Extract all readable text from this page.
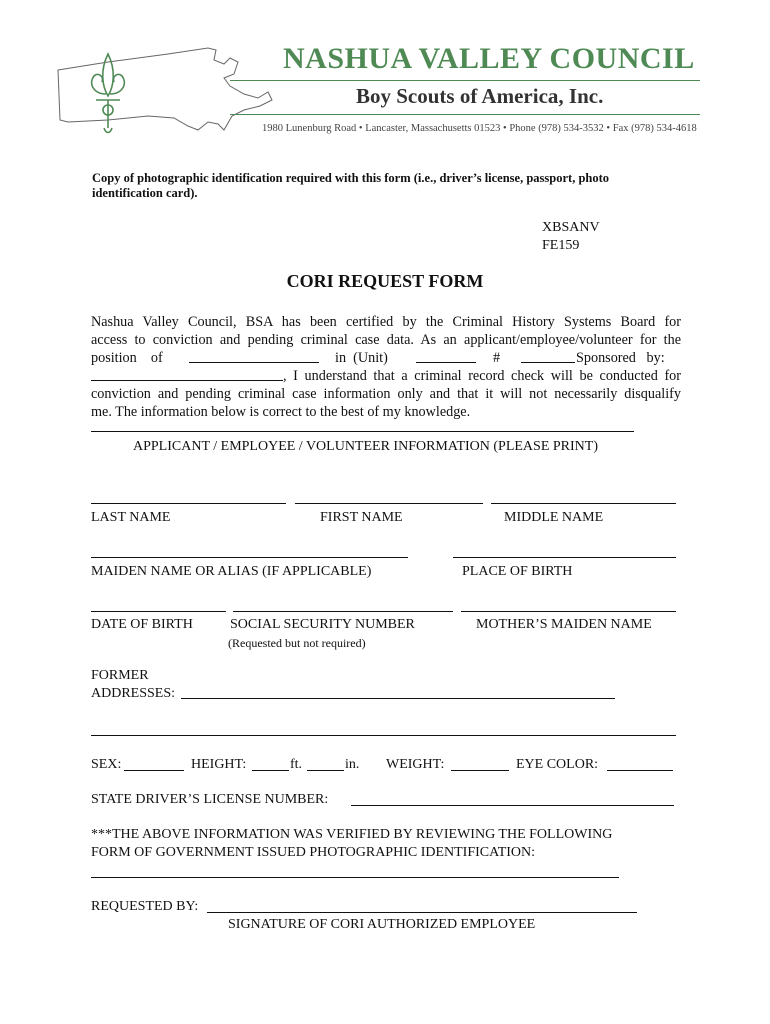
NASHUA VALLEY COUNCIL
Boy Scouts of America, Inc.
1980 Lunenburg Road • Lancaster, Massachusetts 01523 • Phone (978) 534-3532 • Fax (978) 534-4618
Copy of photographic identification required with this form (i.e., driver’s license, passport, photo identification card).
XBSANV
FE159
CORI REQUEST FORM
Nashua Valley Council, BSA has been certified by the Criminal History Systems Board for
access to conviction and pending criminal case data. As an applicant/employee/volunteer for the
position    of	in  (Unit)	#	Sponsored   by:
, I understand that a criminal record check will be conducted for
conviction and pending criminal case information only and that it will not necessarily disqualify
me. The information below is correct to the best of my knowledge.
APPLICANT / EMPLOYEE / VOLUNTEER INFORMATION (PLEASE PRINT)
LAST NAME	FIRST NAME	MIDDLE NAME
MAIDEN NAME OR ALIAS (IF APPLICABLE)	PLACE OF BIRTH
DATE OF BIRTH	SOCIAL SECURITY NUMBER	MOTHER’S MAIDEN NAME
(Requested but not required)
FORMER
ADDRESSES:
SEX:	HEIGHT:	ft.	in. WEIGHT:	EYE COLOR:
STATE DRIVER’S LICENSE NUMBER:
***THE ABOVE INFORMATION WAS VERIFIED BY REVIEWING THE FOLLOWING
FORM OF GOVERNMENT ISSUED PHOTOGRAPHIC IDENTIFICATION:
REQUESTED BY:
SIGNATURE OF CORI AUTHORIZED EMPLOYEE
